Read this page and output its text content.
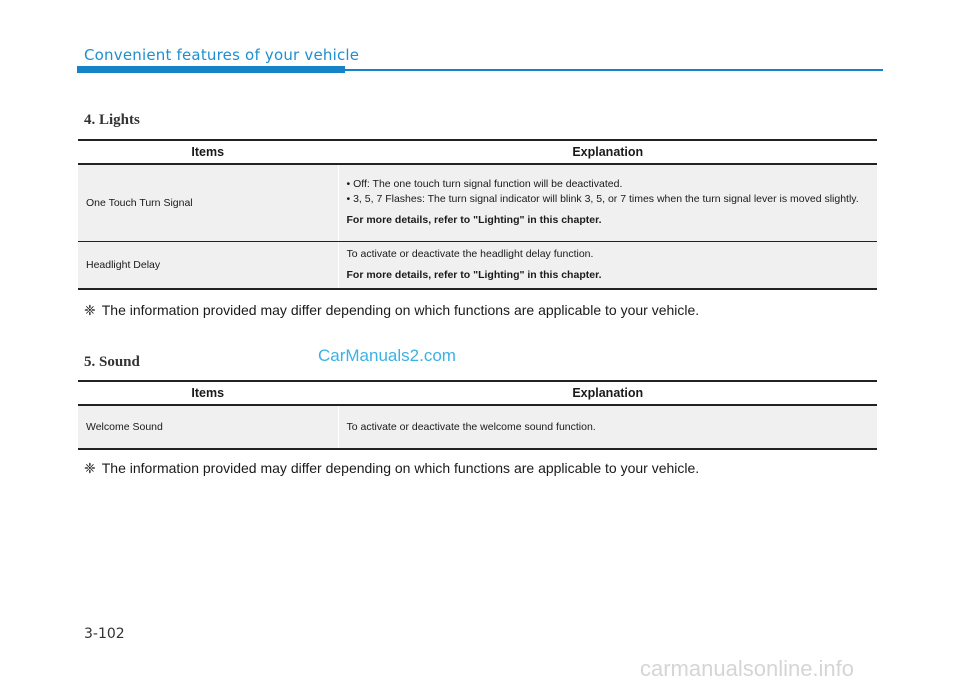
Convenient features of your vehicle
4. Lights
Items	Explanation
One Touch Turn Signal	• Off: The one touch turn signal function will be deactivated.
• 3, 5, 7 Flashes: The turn signal indicator will blink 3, 5, or 7 times when the turn signal lever is moved slightly.
For more details, refer to "Lighting" in this chapter.

Headlight Delay	To activate or deactivate the headlight delay function.
For more details, refer to "Lighting" in this chapter.
❈ The information provided may differ depending on which functions are applicable to your vehicle.
5. Sound	CarManuals2.com
Items	Explanation
Welcome Sound	To activate or deactivate the welcome sound function.
❈ The information provided may differ depending on which functions are applicable to your vehicle.
3-102
carmanualsonline.info
